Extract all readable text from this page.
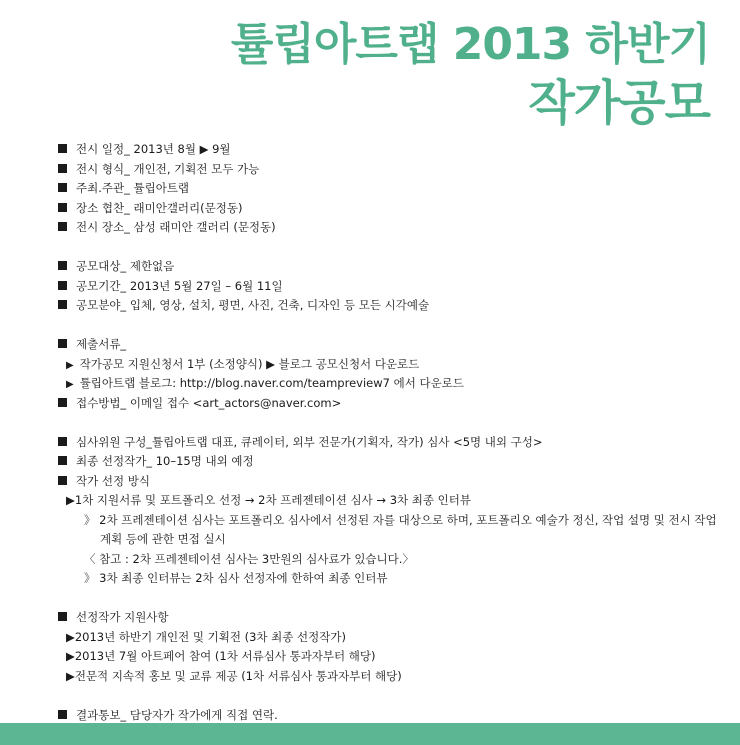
튤립아트랩 2013 하반기
작가공모
전시 일정_ 2013년 8월 ▶ 9월
전시 형식_ 개인전, 기획전 모두 가능
주최.주관_ 튤립아트랩
장소 협찬_ 래미안갤러리(문정동)
전시 장소_ 삼성 래미안 갤러리 (문정동)
공모대상_ 제한없음
공모기간_ 2013년 5월 27일 – 6월 11일
공모분야_ 입체, 영상, 설치, 평면, 사진, 건축, 디자인 등 모든 시각예술
제출서류_
▶ 작가공모 지원신청서 1부 (소정양식) ▶ 블로그 공모신청서 다운로드
▶ 튤립아트랩 블로그: http://blog.naver.com/teampreview7 에서 다운로드
접수방법_ 이메일 접수 <art_actors@naver.com>
심사위원 구성_튤립아트랩 대표, 큐레이터, 외부 전문가(기획자, 작가) 심사 <5명 내외 구성>
최종 선정작가_ 10–15명 내외 예정
작가 선정 방식
▶1차 지원서류 및 포트폴리오 선정 → 2차 프레젠테이션 심사 → 3차 최종 인터뷰
》 2차 프레젠테이션 심사는 포트폴리오 심사에서 선정된 자를 대상으로 하며, 포트폴리오 예술가 정신, 작업 설명 및 전시 작업
계획 등에 관한 면접 실시
〈 참고 : 2차 프레젠테이션 심사는 3만원의 심사료가 있습니다.〉
》 3차 최종 인터뷰는 2차 심사 선정자에 한하여 최종 인터뷰
선정작가 지원사항
▶2013년 하반기 개인전 및 기획전 (3차 최종 선정작가)
▶2013년 7월 아트페어 참여 (1차 서류심사 통과자부터 해당)
▶전문적 지속적 홍보 및 교류 제공 (1차 서류심사 통과자부터 해당)
결과통보_ 담당자가 작가에게 직접 연락.
